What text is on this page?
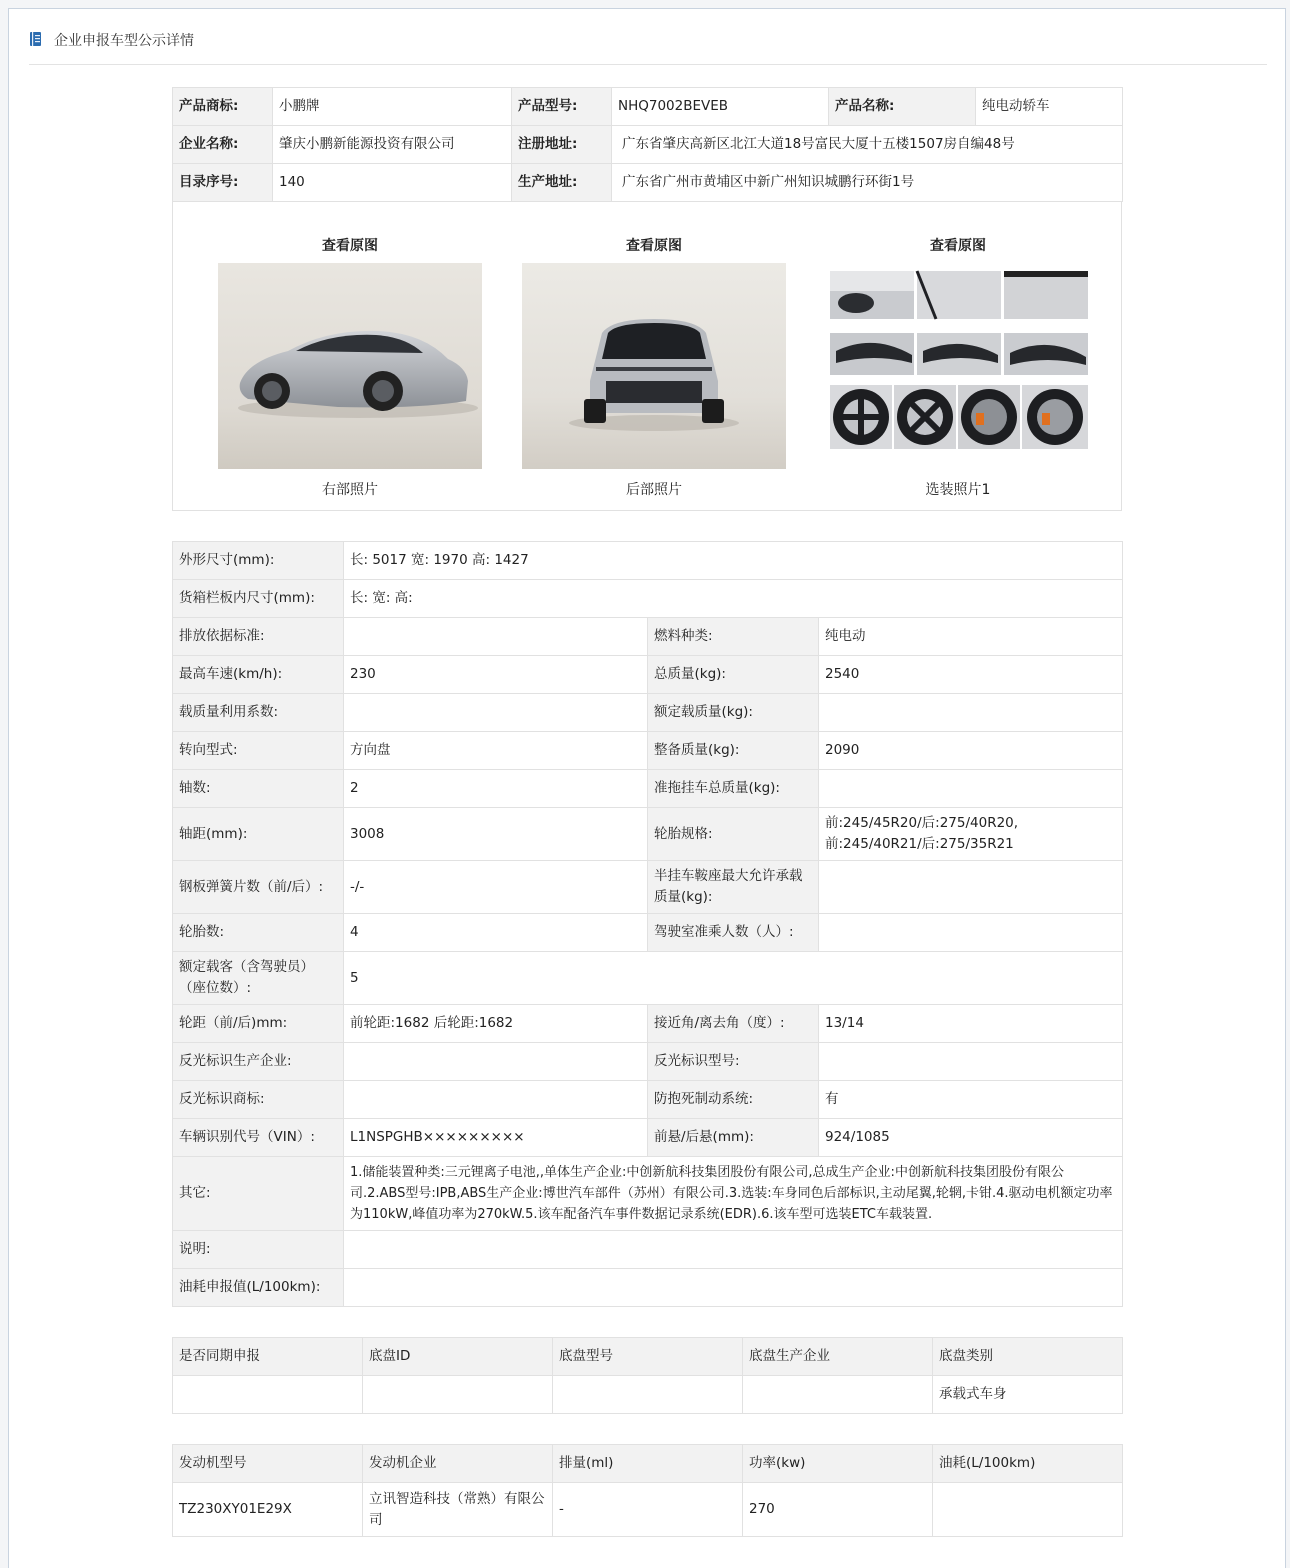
企业申报车型公示详情
产品商标:	小鹏牌	产品型号:	NHQ7002BEVEB	产品名称:	纯电动轿车
企业名称:	肇庆小鹏新能源投资有限公司	注册地址:	广东省肇庆高新区北江大道18号富民大厦十五楼1507房自编48号		
目录序号:	140	生产地址:	广东省广州市黄埔区中新广州知识城鹏行环街1号		
查看原图
右部照片
查看原图
后部照片
查看原图
选装照片1
外形尺寸(mm):	长: 5017 宽: 1970 高: 1427		
货箱栏板内尺寸(mm):	长: 宽: 高:		
排放依据标准:		燃料种类:	纯电动
最高车速(km/h):	230	总质量(kg):	2540
载质量利用系数:		额定载质量(kg):	
转向型式:	方向盘	整备质量(kg):	2090
轴数:	2	准拖挂车总质量(kg):	
轴距(mm):	3008	轮胎规格:	前:245/45R20/后:275/40R20,
前:245/40R21/后:275/35R21

钢板弹簧片数（前/后）:	-/-	半挂车鞍座最大允许承载
质量(kg):	

轮胎数:	4	驾驶室准乘人数（人）:	

额定载客（含驾驶员）
（座位数）:	5		
轮距（前/后)mm:	前轮距:1682 后轮距:1682	接近角/离去角（度）:	13/14
反光标识生产企业:		反光标识型号:	
反光标识商标:		防抱死制动系统:	有
车辆识别代号（VIN）:	L1NSPGHB×××××××××	前悬/后悬(mm):	924/1085
其它:	1.储能装置种类:三元锂离子电池,,单体生产企业:中创新航科技集团股份有限公司,总成生产企业:中创新航科技集团股份有限公司.2.ABS型号:IPB,ABS生产企业:博世汽车部件（苏州）有限公司.3.选装:车身同色后部标识,主动尾翼,轮辋,卡钳.4.驱动电机额定功率为110kW,峰值功率为270kW.5.该车配备汽车事件数据记录系统(EDR).6.该车型可选装ETC车载装置.		
说明:			
油耗申报值(L/100km):			
是否同期申报	底盘ID	底盘型号	底盘生产企业	底盘类别
				承载式车身
发动机型号	发动机企业	排量(ml)	功率(kw)	油耗(L/100km)
TZ230XY01E29X	立讯智造科技（常熟）有限公司	-	270	
